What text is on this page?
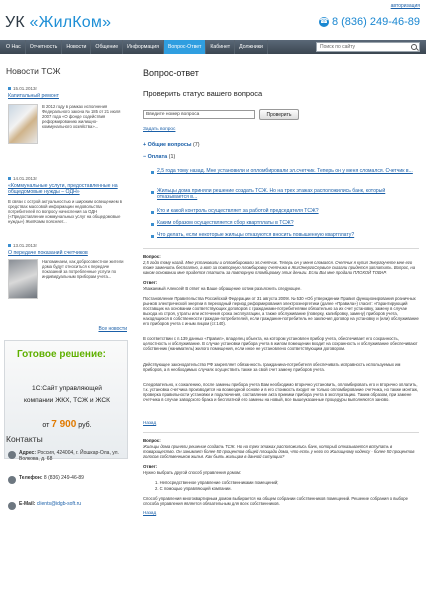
УК «ЖилКом»
авторизация
☎ 8 (836) 249-46-89
О Нас	Отчетность	Новости	Общение	Информация	Вопрос-Ответ	Кабинет	Должники	Поиск по сайту
Новости ТСЖ
15.01.2013г
Капитальный ремонт
В 2012 году в рамках исполнения Федерального закона № 185 от 21 июля 2007 года «О фонде содействия реформированию жилищно-коммунального хозяйства»...
14.01.2013г
«Коммунальные услуги, предоставленные на общедомовые нужды – ОДН»
В связи с острой актуальностью и широким освещением в средствах массовой информации недовольства потребителей по вопросу начисления за ОДН («Предоставление коммунальных услуг на общедомовые нужды») ЖилКомм поясняет...
13.01.2013г
О передаче показаний счетчиков
Напоминаем, как добросовестное жители дома будут относиться к передаче показаний за потребленные услуги по индивидуальным приборам учета...
Все новости
Готовое решение:
1С:Сайт управляющей
компании ЖКХ, ТСЖ и ЖСК
от 7 900 руб.
Контакты
Адрес: Россия, 424004, г. Йошкар-Ола, ул. Волкова, д. 68
Телефон: 8 (836) 249-46-89
E-Mail: clients@idgb-soft.ru
Вопрос-ответ
Проверить статус вашего вопроса
Введите номер вопроса	Проверить
Задать вопрос
+ Общие вопросы (7)
− Оплата (1)
2,5 года тому назад. Мне установили и опломбировали эл.счетчик. Теперь он у меня сломался. Счетчик в...
Жильцы дома приняли решение создать ТСЖ. Но на трех этажах расположились банк, который отказывается в...
Кто и какой контроль осуществляет за работой председателя ТСЖ?
Каким образом осуществляется сбор квартплаты в ТСЖ?
Что делать, если некоторые жильцы отказуются вносить повышенную квартплату?
Вопрос:
2,5 года тому назад. Мне установили и опломбировали эл.счетчик. Теперь он у меня сломался. Счетчик я купил Энергоучете мне его тоже заменить бесплатно, а вот за повторную пломбировку счетчика в ЖилЭнергоСервисе сказали придется заплатить. Вопрос, на каком основании мне придется платить за повторную пломбировку этих деньги. Если ВЫ мне продали ПЛОХОЙ ТОВАР.
Ответ:
Уважаемый Алексей! В ответ на Ваше обращение хотим разъяснить следующее.
Постановление Правительства Российской Федерации от 31 августа 2009г. № 530 «Об утверждении Правил функционирования розничных рынков электрической энергии в переходный период реформирования электроэнергетики (далее «Правила») гласит: «Гарантирующий поставщик на основании соответствующих договоров с гражданами-потребителями обязательно за их счет установку, замену в случае выхода из строя, утраты или истечения срока эксплуатации, а также обслуживание (поверку, калибровку, замену) приборов учета, находящихся в собственности граждан-потребителей, если гражданин-потребитель не заключил договор на установку и (или) обслуживание его приборов учета с иным лицом (ст.140).
В соответствии с п.139 данных «Правил», владелец объекта, на котором установлен прибор учета, обеспечивает его сохранность, целостность и обслуживание. В случае установки прибора учета в жилом помещении входит на сохранность и обслуживание обеспечивают собственник (наниматель) жилого помещения, если иное не установлено соответствующим договором.
Действующее законодательство РФ закрепляет обязанность гражданина-потребителя обеспечивать исправность используемых им приборов, а в необходимых случаях осуществить также за свой счет замену приборов учета.
Следовательно, к сожалению, после замены прибора учета Вам необходимо вторично установить, опломбировать его и вторично оплатить, т.к. установка счетчика производится на возмездной основе и в его стоимость входит не только опломбирование счетчика, но также монтаж, проверка правильности установки и подключения, составление акта приемки прибора учета в эксплуатацию. Таким образом, при замене счетчика в случае заводского брака и бесплатной его замены на новый, все вышеуказанные процедуры выполняются заново.
Назад
Вопрос:
Жильцы дома приняли решение создать ТСЖ. Но на трех этажах расположились банк, который отказывается вступать в товарищество. Он занимает более 50 процентов общей площади дома, что есть у него по Жилищному кодексу - более 50 процентов голосов собственников жилья. Как быть жильцам в данной ситуации?
Ответ:
Нужно выбрать другой способ управления домом:
1. Непосредственное управление собственниками помещений;
2. С помощью управляющей компании.
Способ управления многоквартирным домом выбирается на общем собрании собственников помещений. Решение собрания о выборе способа управления является обязательным для всех собственников.
Назад
